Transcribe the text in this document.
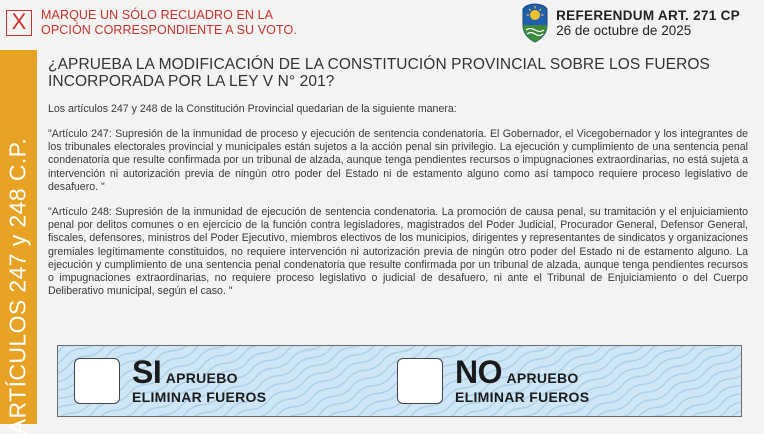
X	MARQUE UN SÓLO RECUADRO EN LA
OPCIÓN CORRESPONDIENTE A SU VOTO.
REFERENDUM ART. 271 CP
26 de octubre de 2025
ARTÍCULOS 247 y 248 C.P.
¿APRUEBA LA MODIFICACIÓN DE LA CONSTITUCIÓN PROVINCIAL SOBRE LOS FUEROS
INCORPORADA POR LA LEY V N° 201?
Los artículos 247 y 248 de la Constitución Provincial quedarian de la siguiente manera:
"Artículo 247: Supresión de la inmunidad de proceso y ejecución de sentencia condenatoria. El Gobernador, el Vicegobernador y los integrantes de los tribunales electorales provincial y municipales están sujetos a la acción penal sin privilegio. La ejecución y cumplimiento de una sentencia penal condenatoria que resulte confirmada por un tribunal de alzada, aunque tenga pendientes recursos o impugnaciones extraordinarias, no está sujeta a intervención ni autorización previa de ningún otro poder del Estado ni de estamento alguno como así tampoco requiere proceso legislativo de desafuero. "
"Artículo 248: Supresión de la inmunidad de ejecución de sentencia condenatoria. La promoción de causa penal, su tramitación y el enjuiciamiento penal por delitos comunes o en ejercicio de la función contra legisladores, magistrados del Poder Judicial, Procurador General, Defensor General, fiscales, defensores, ministros del Poder Ejecutivo, miembros electivos de los municipios, dirigentes y representantes de sindicatos y organizaciones gremiales legítimamente constituidos, no requiere intervención ni autorización previa de ningún otro poder del Estado ni de estamento alguno. La ejecución y cumplimiento de una sentencia penal condenatoria que resulte confirmada por un tribunal de alzada, aunque tenga pendientes recursos o impugnaciones extraordinarias, no requiere proceso legislativo o judicial de desafuero, ni ante el Tribunal de Enjuiciamiento o del Cuerpo Deliberativo municipal, según el caso. "
SI APRUEBO
ELIMINAR FUEROS
NO APRUEBO
ELIMINAR FUEROS
